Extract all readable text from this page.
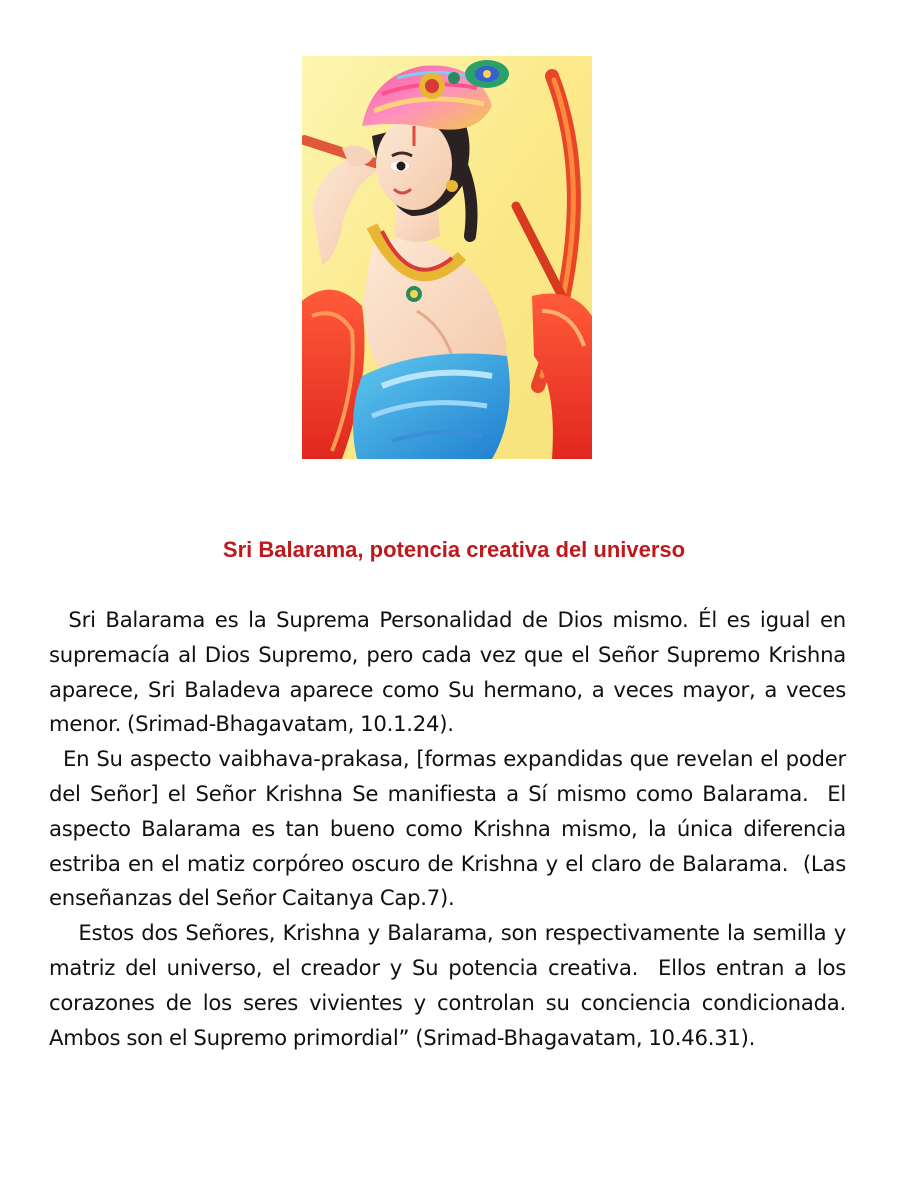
Sri Balarama, potencia creativa del universo

Sri Balarama es la Suprema Personalidad de Dios mismo. Él es igual en supremacía al Dios Supremo, pero cada vez que el Señor Supremo Krishna aparece, Sri Baladeva aparece como Su hermano, a veces mayor, a veces menor. (Srimad-Bhagavatam, 10.1.24).

En Su aspecto vaibhava-prakasa, [formas expandidas que revelan el poder del Señor] el Señor Krishna Se manifiesta a Sí mismo como Balarama.  El aspecto Balarama es tan bueno como Krishna mismo, la única diferencia estriba en el matiz corpóreo oscuro de Krishna y el claro de Balarama.  (Las enseñanzas del Señor Caitanya Cap.7).

Estos dos Señores, Krishna y Balarama, son respectivamente la semilla y matriz del universo, el creador y Su potencia creativa.  Ellos entran a los corazones de los seres vivientes y controlan su conciencia condicionada.    Ambos son el Supremo primordial” (Srimad-Bhagavatam, 10.46.31).
